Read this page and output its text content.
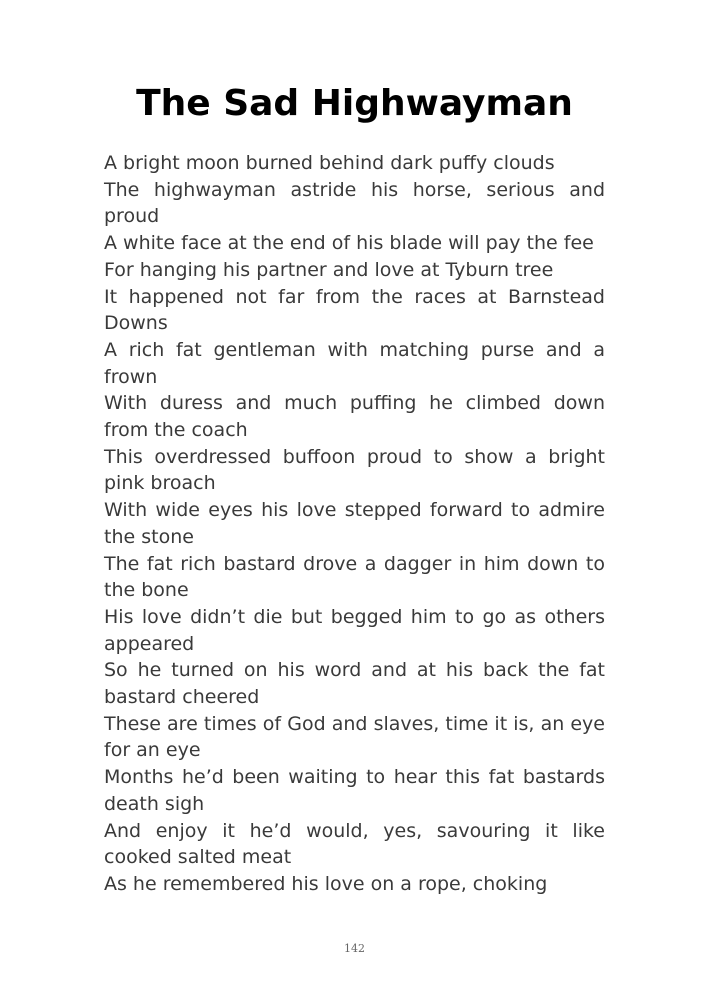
The Sad Highwayman
A bright moon burned behind dark puffy clouds
The highwayman astride his horse, serious and proud
A white face at the end of his blade will pay the fee
For hanging his partner and love at Tyburn tree
It happened not far from the races at Barnstead Downs
A rich fat gentleman with matching purse and a frown
With duress and much puffing he climbed down from the coach
This overdressed buffoon proud to show a bright pink broach
With wide eyes his love stepped forward to admire the stone
The fat rich bastard drove a dagger in him down to the bone
His love didn’t die but begged him to go as others appeared
So he turned on his word and at his back the fat bastard cheered
These are times of God and slaves, time it is, an eye for an eye
Months he’d been waiting to hear this fat bastards death sigh
And enjoy it he’d would, yes, savouring it like cooked salted meat
As he remembered his love on a rope, choking
142
